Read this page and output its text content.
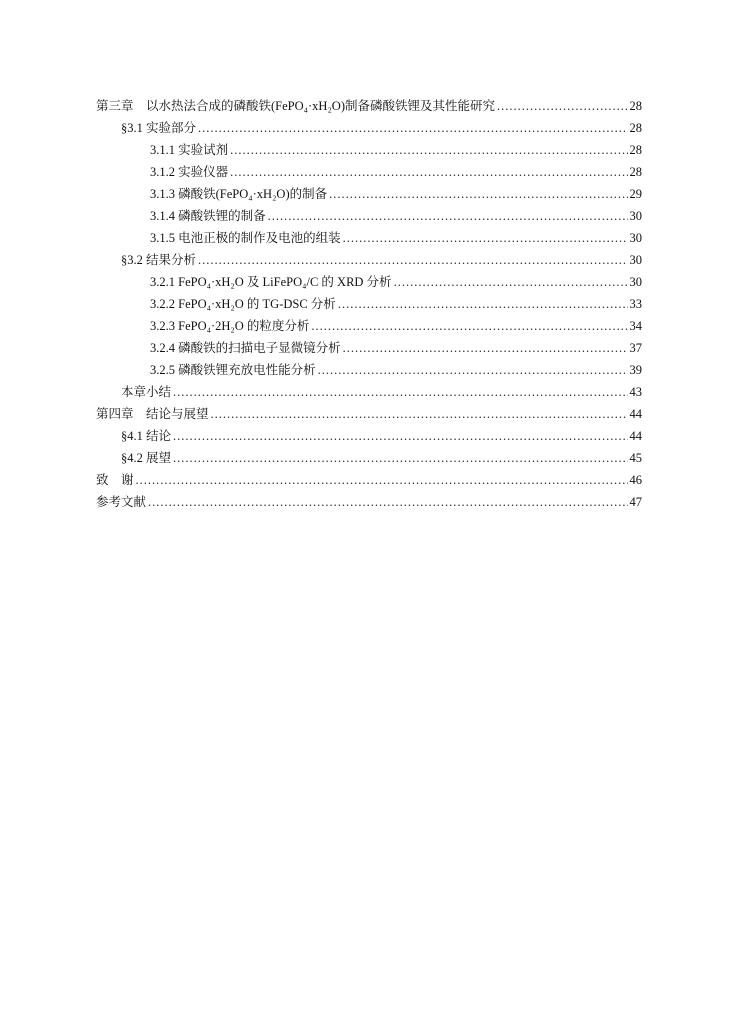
第三章　以水热法合成的磷酸铁(FePO₄·xH₂O)制备磷酸铁锂及其性能研究 .....	28
§3.1 实验部分 .....	28
3.1.1 实验试剂 .....	28
3.1.2 实验仪器 .....	28
3.1.3 磷酸铁(FePO₄·xH₂O)的制备 .....	29
3.1.4 磷酸铁锂的制备 .....	30
3.1.5 电池正极的制作及电池的组装 .....	30
§3.2 结果分析 .....	30
3.2.1 FePO₄·xH₂O 及 LiFePO₄/C 的 XRD 分析 .....	30
3.2.2 FePO₄·xH₂O 的 TG-DSC 分析 .....	33
3.2.3 FePO₄·2H₂O 的粒度分析 .....	34
3.2.4 磷酸铁的扫描电子显微镜分析 .....	37
3.2.5 磷酸铁锂充放电性能分析 .....	39
本章小结 .....	43
第四章　结论与展望 .....	44
§4.1 结论 .....	44
§4.2 展望 .....	45
致　谢 .....	46
参考文献 .....	47
